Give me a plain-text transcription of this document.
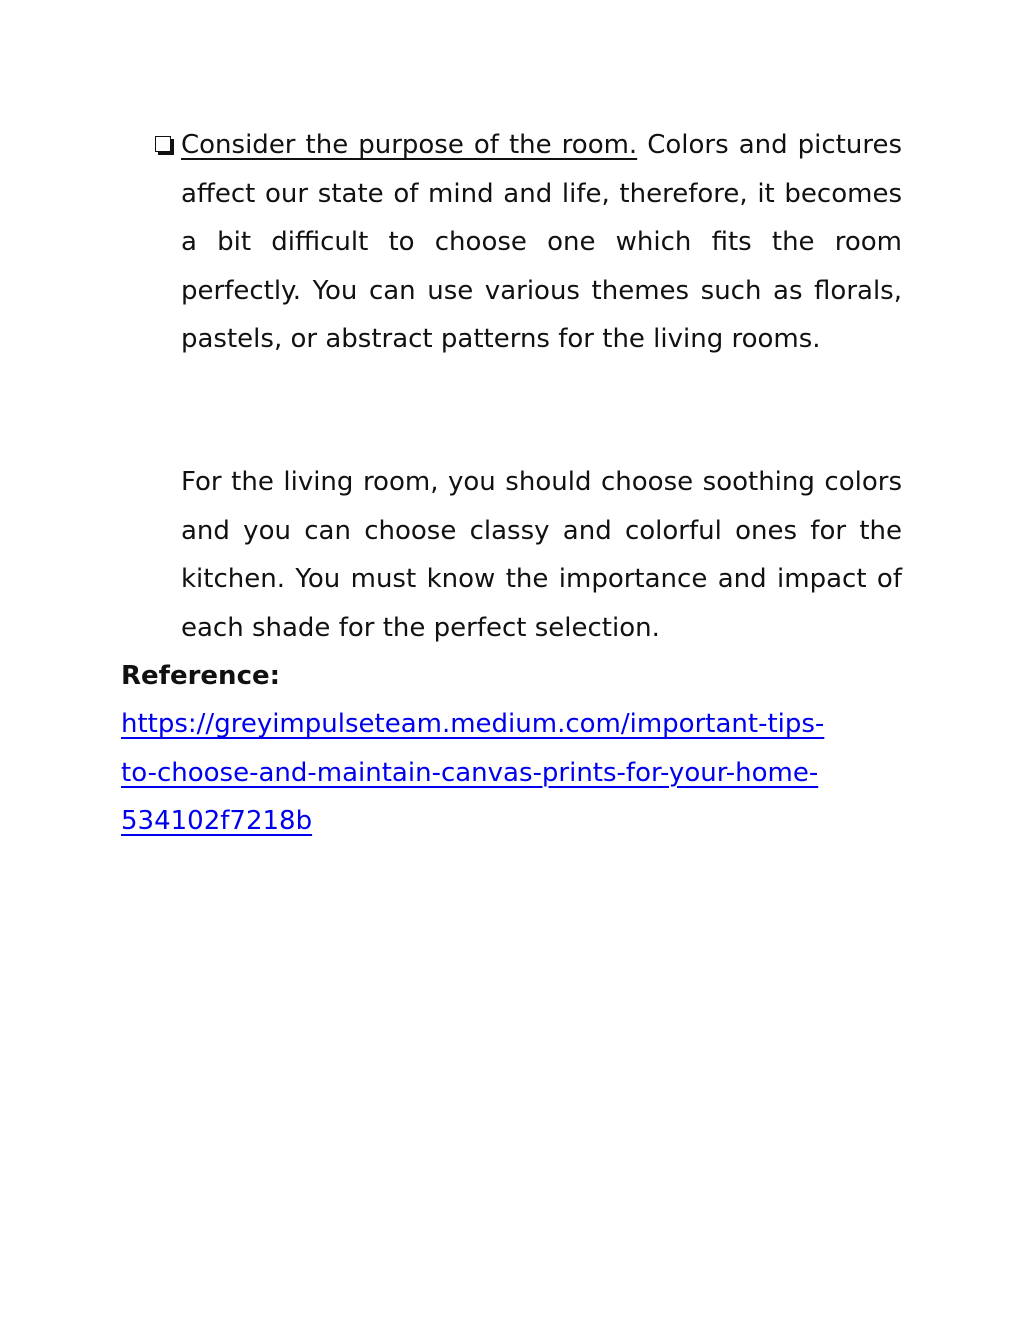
Consider the purpose of the room. Colors and pictures affect our state of mind and life, therefore, it becomes a bit difficult to choose one which fits the room perfectly. You can use various themes such as florals, pastels, or abstract patterns for the living rooms.
For the living room, you should choose soothing colors and you can choose classy and colorful ones for the kitchen. You must know the importance and impact of each shade for the perfect selection.
Reference:
https://greyimpulseteam.medium.com/important-tips-
to-choose-and-maintain-canvas-prints-for-your-home-
534102f7218b
